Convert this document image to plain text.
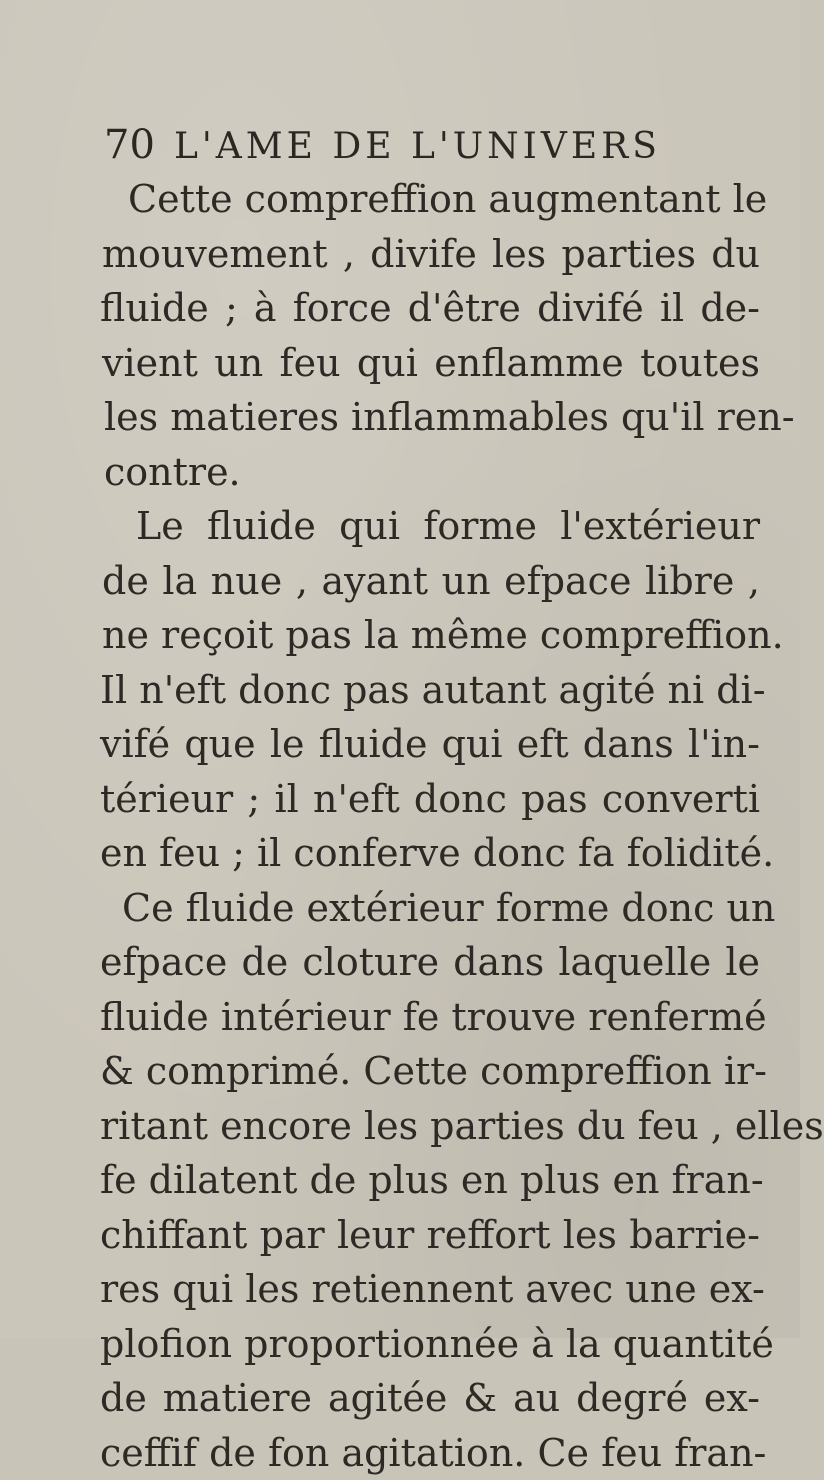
70 L'AME DE L'UNIVERS
Cette compreffion augmentant le
mouvement , divife les parties du
fluide ; à force d'être divifé il de-
vient un feu qui enflamme toutes
les matieres inflammables qu'il ren-
contre.
Le fluide qui forme l'extérieur
de la nue , ayant un efpace libre ,
ne reçoit pas la même compreffion.
Il n'eft donc pas autant agité ni di-
vifé que le fluide qui eft dans l'in-
térieur ; il n'eft donc pas converti
en feu ; il conferve donc fa folidité.
Ce fluide extérieur forme donc un
efpace de cloture dans laquelle le
fluide intérieur fe trouve renfermé
& comprimé. Cette compreffion ir-
ritant encore les parties du feu , elles
fe dilatent de plus en plus en fran-
chiffant par leur reffort les barrie-
res qui les retiennent avec une ex-
plofion proportionnée à la quantité
de matiere agitée & au degré ex-
ceffif de fon agitation. Ce feu fran-
